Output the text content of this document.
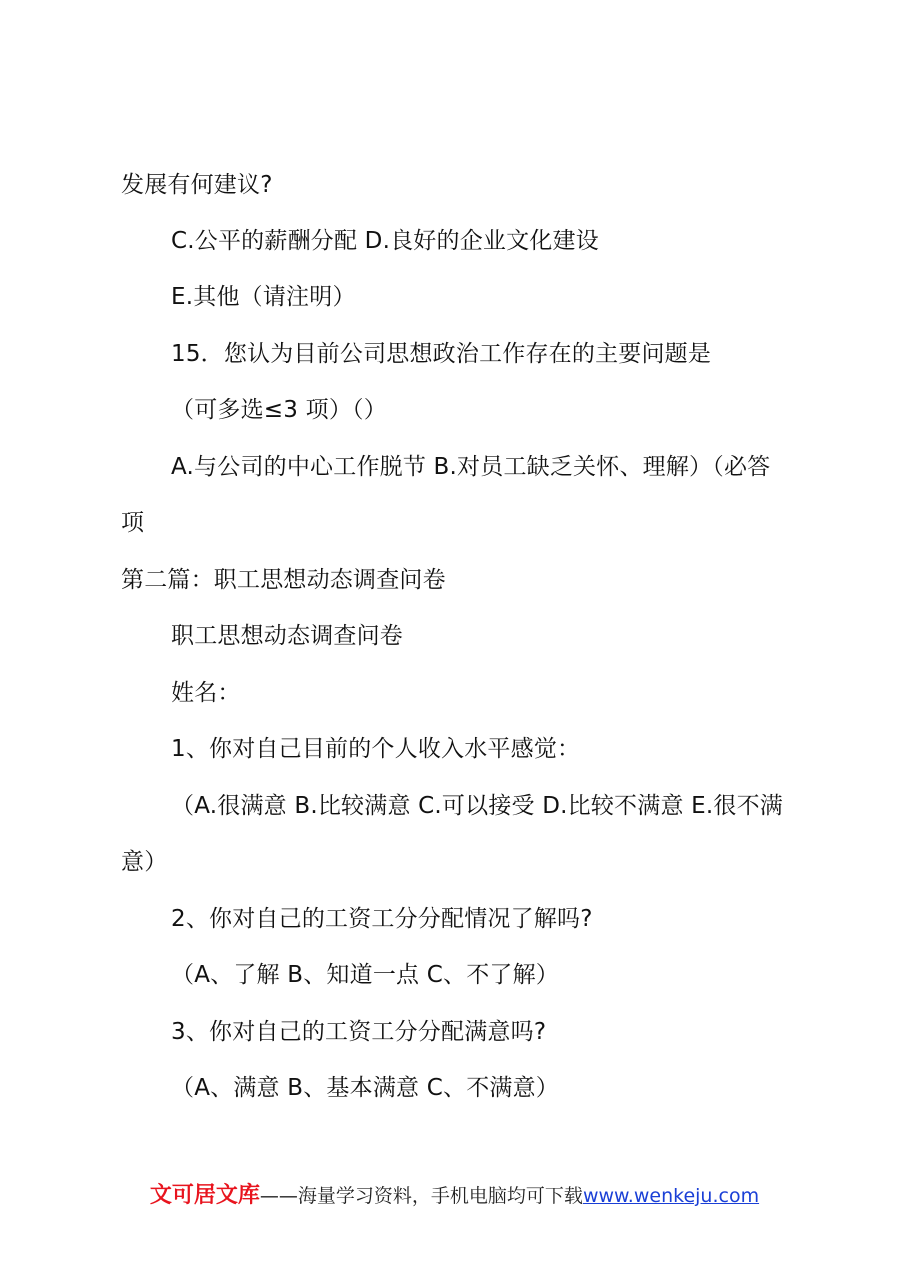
发展有何建议?
C.公平的薪酬分配 D.良好的企业文化建设
E.其他（请注明）
15．您认为目前公司思想政治工作存在的主要问题是
（可多选≤3 项）（）
A.与公司的中心工作脱节 B.对员工缺乏关怀、理解）（必答
项
第二篇：职工思想动态调查问卷
职工思想动态调查问卷
姓名：
1、你对自己目前的个人收入水平感觉：
（A.很满意 B.比较满意 C.可以接受 D.比较不满意 E.很不满
意）
2、你对自己的工资工分分配情况了解吗?
（A、了解 B、知道一点 C、不了解）
3、你对自己的工资工分分配满意吗?
（A、满意 B、基本满意 C、不满意）
文可居文库——海量学习资料，手机电脑均可下载www.wenkeju.com
